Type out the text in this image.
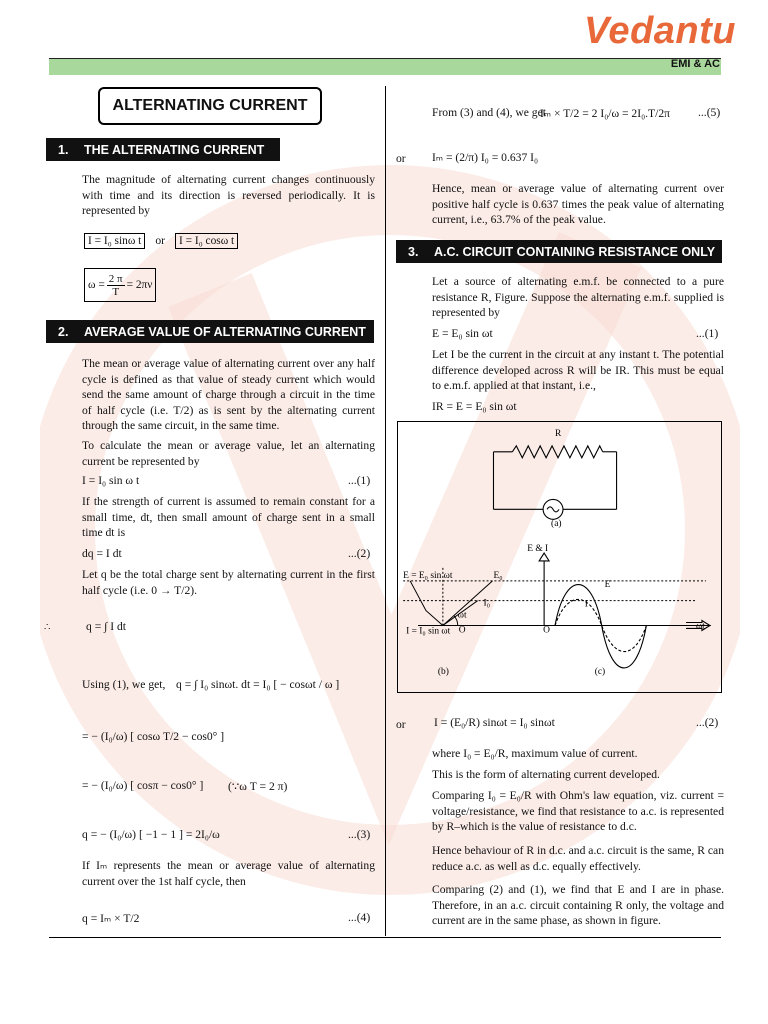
Vedantu
EMI & AC
ALTERNATING CURRENT
1.	THE ALTERNATING CURRENT
The magnitude of alternating current changes continuously with time and its direction is reversed periodically. It is represented by
I = I₀ sinω t or I = I₀ cosω t
$\omega = \frac{2 \pi}{T} = 2\pi\nu$
2.	AVERAGE VALUE OF ALTERNATING CURRENT
The mean or average value of alternating current over any half cycle is defined as that value of steady current which would send the same amount of charge through a circuit in the time of half cycle (i.e. T/2) as is sent by the alternating current through the same circuit, in the same time.
To calculate the mean or average value, let an alternating current be represented by
I = I₀ sin ω t	...(1)
If the strength of current is assumed to remain constant for a small time, dt, then small amount of charge sent in a small time dt is
dq = I dt	...(2)
Let q be the total charge sent by alternating current in the first half cycle (i.e. 0 → T/2).
∴	q = ∫ I dt
Using (1), we get, q = ∫ I₀ sinωt. dt = I₀ [ − cosωt / ω ]
= − (I₀/ω) [ cosω T/2 − cos0° ]
= − (I₀/ω) [ cosπ − cos0° ] (∵ω T = 2 π)
q = − (I₀/ω) [ −1 − 1 ] = 2I₀/ω	...(3)
If Iₘ represents the mean or average value of alternating current over the 1st half cycle, then
q = Iₘ × T/2	...(4)
From (3) and (4), we get
Iₘ × T/2 = 2 I₀/ω = 2I₀.T/2π ...(5)
or Iₘ = (2/π) I₀ = 0.637 I₀
Hence, mean or average value of alternating current over positive half cycle is 0.637 times the peak value of alternating current, i.e., 63.7% of the peak value.
3.	A.C. CIRCUIT CONTAINING RESISTANCE ONLY
Let a source of alternating e.m.f. be connected to a pure resistance R, Figure. Suppose the alternating e.m.f. supplied is represented by
E = E₀ sin ωt	...(1)
Let I be the current in the circuit at any instant t. The potential difference developed across R will be IR. This must be equal to e.m.f. applied at that instant, i.e.,
IR = E = E₀ sin ωt
R
(a)
E = E₀ sin ωt
I = I₀ sin ωt
E₀
I₀
ωt
O
(b)
E & I
O
E
I
ωt
(c)
or I = (E₀/R) sinωt = I₀ sinωt	...(2)
where I₀ = E₀/R, maximum value of current.
This is the form of alternating current developed.
Comparing I₀ = E₀/R with Ohm's law equation, viz. current = voltage/resistance, we find that resistance to a.c. is represented by R–which is the value of resistance to d.c.
Hence behaviour of R in d.c. and a.c. circuit is the same, R can reduce a.c. as well as d.c. equally effectively.
Comparing (2) and (1), we find that E and I are in phase. Therefore, in an a.c. circuit containing R only, the voltage and current are in the same phase, as shown in figure.
